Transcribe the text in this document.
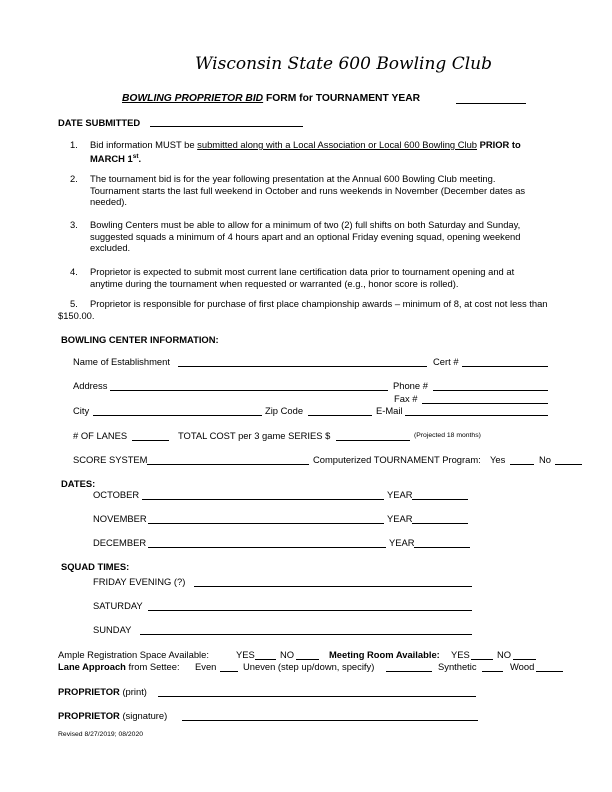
Wisconsin State 600 Bowling Club
BOWLING PROPRIETOR BID FORM for TOURNAMENT YEAR
DATE SUBMITTED
1. Bid information MUST be submitted along with a Local Association or Local 600 Bowling Club PRIOR to
MARCH 1st.
2. The tournament bid is for the year following presentation at the Annual 600 Bowling Club meeting.
Tournament starts the last full weekend in October and runs weekends in November (December dates as
needed).
3. Bowling Centers must be able to allow for a minimum of two (2) full shifts on both Saturday and Sunday,
suggested squads a minimum of 4 hours apart and an optional Friday evening squad, opening weekend
excluded.
4. Proprietor is expected to submit most current lane certification data prior to tournament opening and at
anytime during the tournament when requested or warranted (e.g., honor score is rolled).
5. Proprietor is responsible for purchase of first place championship awards – minimum of 8, at cost not less than
$150.00.
BOWLING CENTER INFORMATION:
Name of Establishment	Cert #
Address	Phone #
Fax #
City	Zip Code	E-Mail
# OF LANES	TOTAL COST per 3 game SERIES $	(Projected 18 months)
SCORE SYSTEM	Computerized TOURNAMENT Program: Yes	No
DATES:
OCTOBER	YEAR
NOVEMBER	YEAR
DECEMBER	YEAR
SQUAD TIMES:
FRIDAY EVENING (?)
SATURDAY
SUNDAY
Ample Registration Space Available:	YES	NO	Meeting Room Available: YES	NO
Lane Approach from Settee: Even	Uneven (step up/down, specify)	Synthetic	Wood
PROPRIETOR (print)
PROPRIETOR (signature)
Revised 8/27/2019; 08/2020
